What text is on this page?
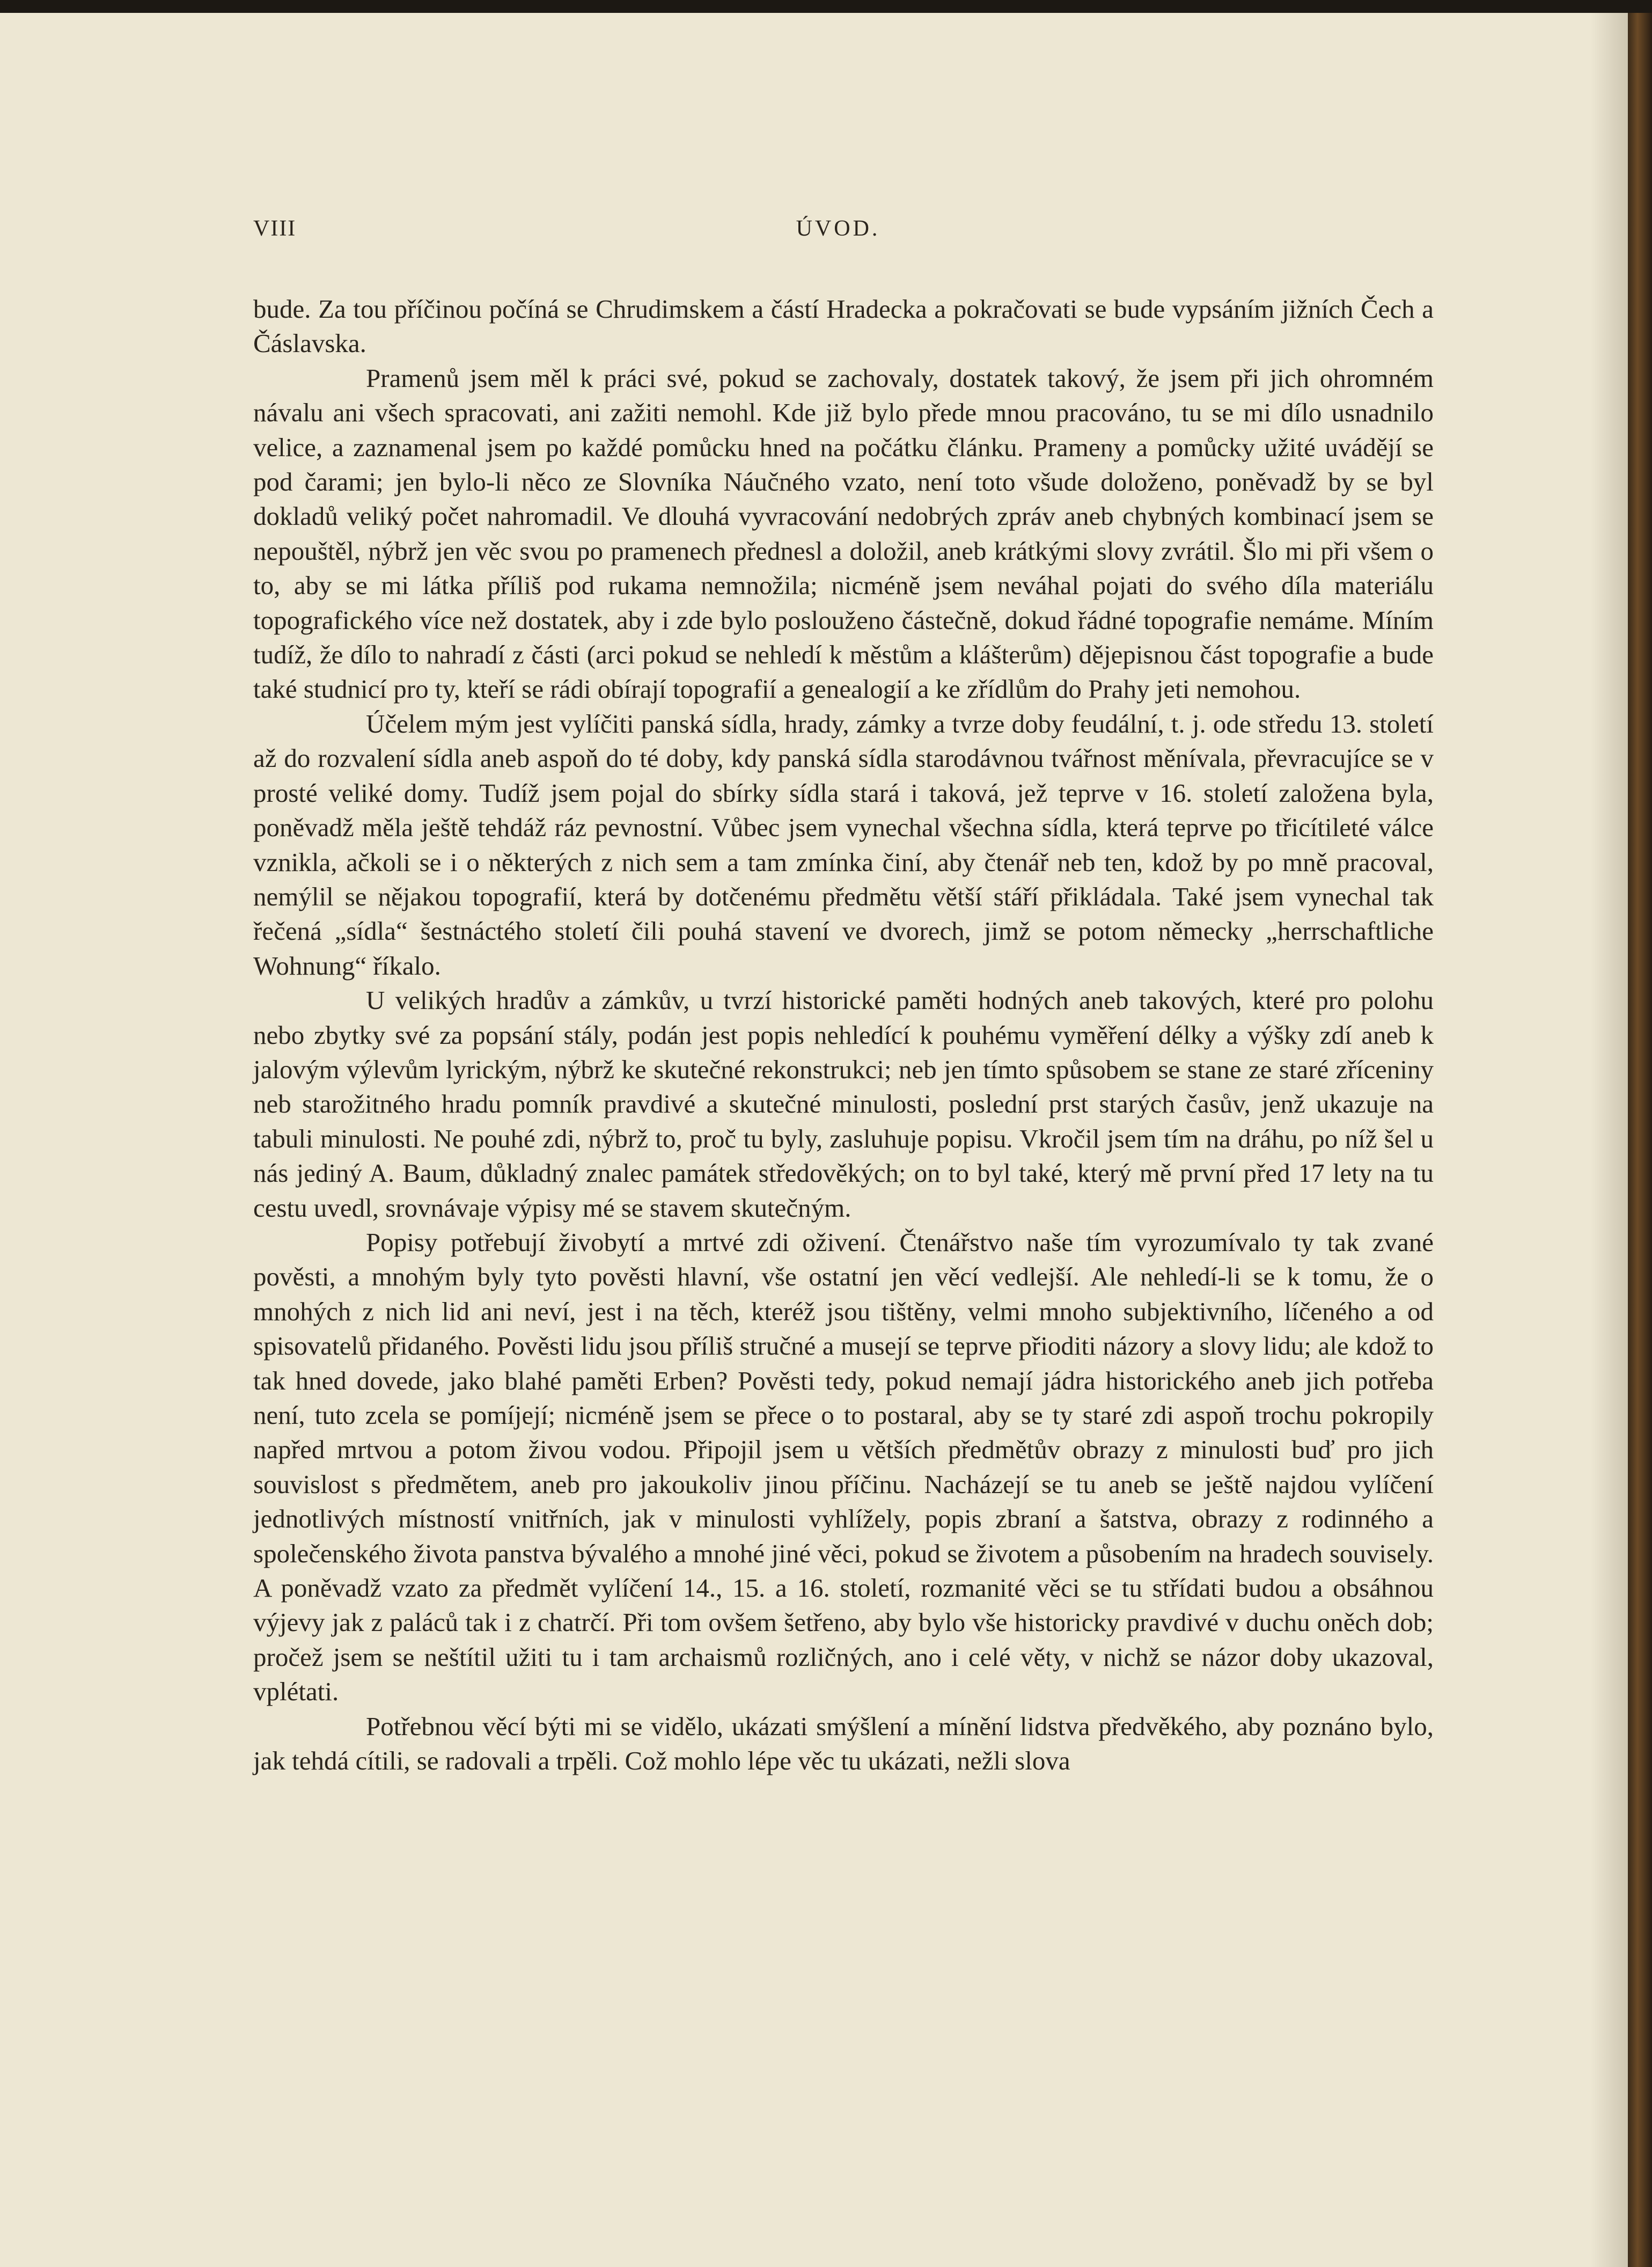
VIII	ÚVOD.

bude. Za tou příčinou počíná se Chrudimskem a částí Hradecka a pokračovati se bude vypsáním jižních Čech a Čáslavska.

Pramenů jsem měl k práci své, pokud se zachovaly, dostatek takový, že jsem při jich ohromném návalu ani všech spracovati, ani zažiti nemohl. Kde již bylo přede mnou pracováno, tu se mi dílo usnadnilo velice, a zaznamenal jsem po každé pomůcku hned na počátku článku. Prameny a pomůcky užité uvádějí se pod čarami; jen bylo-li něco ze Slovníka Náučného vzato, není toto všude doloženo, poněvadž by se byl dokladů veliký počet nahromadil. Ve dlouhá vyvracování nedobrých zpráv aneb chybných kombinací jsem se nepouštěl, nýbrž jen věc svou po pramenech přednesl a doložil, aneb krátkými slovy zvrátil. Šlo mi při všem o to, aby se mi látka příliš pod rukama nemnožila; nicméně jsem neváhal pojati do svého díla materiálu topografického více než dostatek, aby i zde bylo poslouženo částečně, dokud řádné topografie nemáme. Míním tudíž, že dílo to nahradí z části (arci pokud se nehledí k městům a klášterům) dějepisnou část topografie a bude také studnicí pro ty, kteří se rádi obírají topografií a genealogií a ke zřídlům do Prahy jeti nemohou.

Účelem mým jest vylíčiti panská sídla, hrady, zámky a tvrze doby feudální, t. j. ode středu 13. století až do rozvalení sídla aneb aspoň do té doby, kdy panská sídla starodávnou tvářnost měnívala, převracujíce se v prosté veliké domy. Tudíž jsem pojal do sbírky sídla stará i taková, jež teprve v 16. století založena byla, poněvadž měla ještě tehdáž ráz pevnostní. Vůbec jsem vynechal všechna sídla, která teprve po třicítileté válce vznikla, ačkoli se i o některých z nich sem a tam zmínka činí, aby čtenář neb ten, kdož by po mně pracoval, nemýlil se nějakou topografií, která by dotčenému předmětu větší stáří přikládala. Také jsem vynechal tak řečená „sídla“ šestnáctého století čili pouhá stavení ve dvorech, jimž se potom německy „herrschaftliche Wohnung“ říkalo.

U velikých hradův a zámkův, u tvrzí historické paměti hodných aneb takových, které pro polohu nebo zbytky své za popsání stály, podán jest popis nehledící k pouhému vyměření délky a výšky zdí aneb k jalovým výlevům lyrickým, nýbrž ke skutečné rekonstrukci; neb jen tímto spůsobem se stane ze staré zříceniny neb starožitného hradu pomník pravdivé a skutečné minulosti, poslední prst starých časův, jenž ukazuje na tabuli minulosti. Ne pouhé zdi, nýbrž to, proč tu byly, zasluhuje popisu. Vkročil jsem tím na dráhu, po níž šel u nás jediný A. Baum, důkladný znalec památek středověkých; on to byl také, který mě první před 17 lety na tu cestu uvedl, srovnávaje výpisy mé se stavem skutečným.

Popisy potřebují živobytí a mrtvé zdi oživení. Čtenářstvo naše tím vyrozumívalo ty tak zvané pověsti, a mnohým byly tyto pověsti hlavní, vše ostatní jen věcí vedlejší. Ale nehledí-li se k tomu, že o mnohých z nich lid ani neví, jest i na těch, kteréž jsou tištěny, velmi mnoho subjektivního, líčeného a od spisovatelů přidaného. Pověsti lidu jsou příliš stručné a musejí se teprve přioditi názory a slovy lidu; ale kdož to tak hned dovede, jako blahé paměti Erben? Pověsti tedy, pokud nemají jádra historického aneb jich potřeba není, tuto zcela se pomíjejí; nicméně jsem se přece o to postaral, aby se ty staré zdi aspoň trochu pokropily napřed mrtvou a potom živou vodou. Připojil jsem u větších předmětův obrazy z minulosti buď pro jich souvislost s předmětem, aneb pro jakoukoliv jinou příčinu. Nacházejí se tu aneb se ještě najdou vylíčení jednotlivých místností vnitřních, jak v minulosti vyhlížely, popis zbraní a šatstva, obrazy z rodinného a společenského života panstva bývalého a mnohé jiné věci, pokud se životem a působením na hradech souvisely. A poněvadž vzato za předmět vylíčení 14., 15. a 16. století, rozmanité věci se tu střídati budou a obsáhnou výjevy jak z paláců tak i z chatrčí. Při tom ovšem šetřeno, aby bylo vše historicky pravdivé v duchu oněch dob; pročež jsem se neštítil užiti tu i tam archaismů rozličných, ano i celé věty, v nichž se názor doby ukazoval, vplétati.

Potřebnou věcí býti mi se vidělo, ukázati smýšlení a mínění lidstva předvěkého, aby poznáno bylo, jak tehdá cítili, se radovali a trpěli. Což mohlo lépe věc tu ukázati, nežli slova
